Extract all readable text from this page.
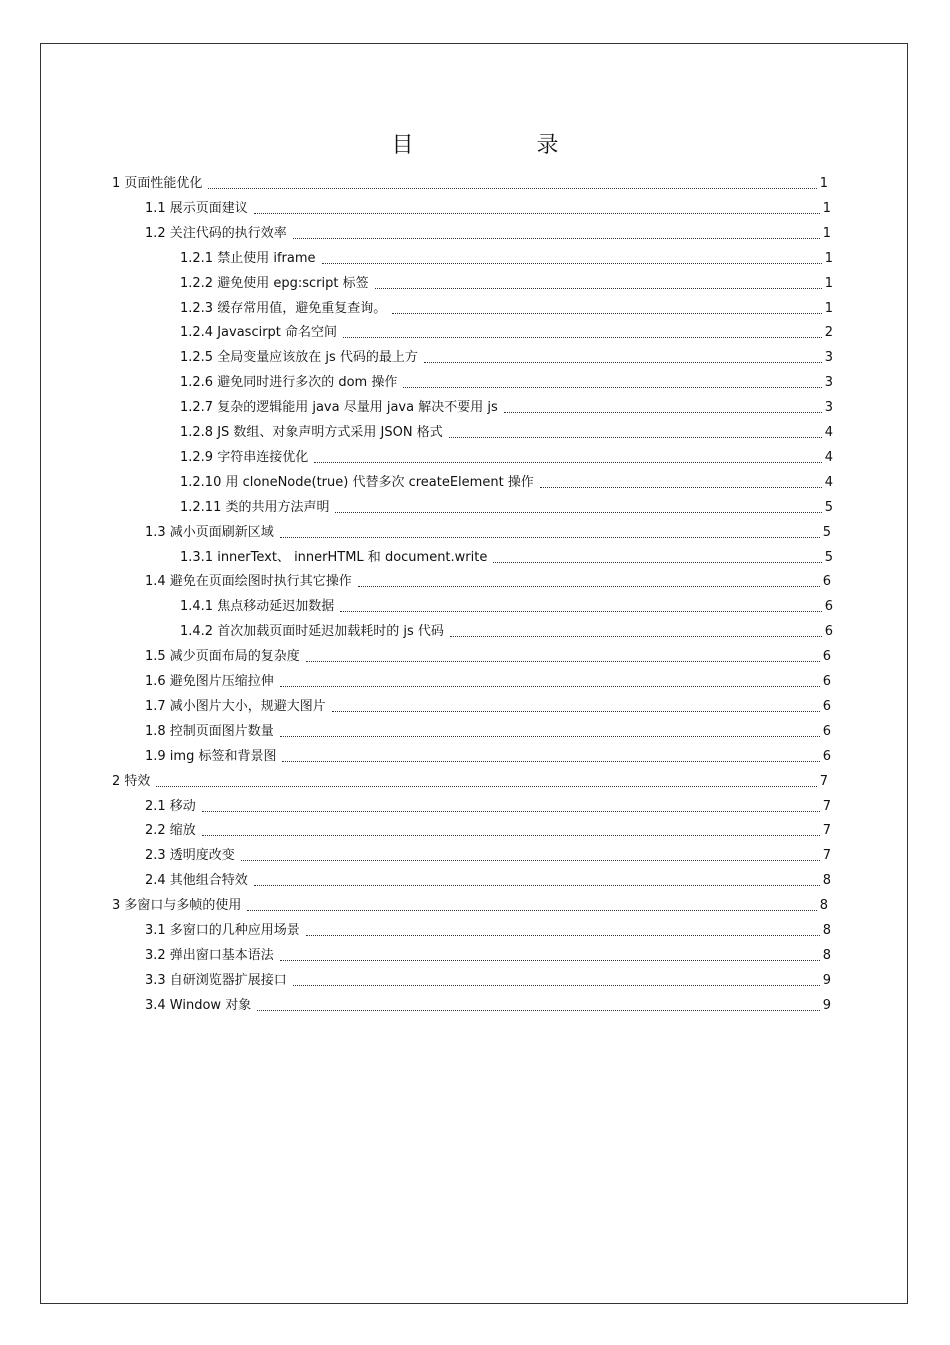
目 录
1 页面性能优化	1
1.1 展示页面建议	1
1.2 关注代码的执行效率	1
1.2.1 禁止使用 iframe	1
1.2.2 避免使用 epg:script 标签	1
1.2.3 缓存常用值，避免重复查询。	1
1.2.4 Javascirpt 命名空间	2
1.2.5 全局变量应该放在 js 代码的最上方	3
1.2.6 避免同时进行多次的 dom 操作	3
1.2.7 复杂的逻辑能用 java 尽量用 java 解决不要用 js	3
1.2.8 JS 数组、对象声明方式采用 JSON 格式	4
1.2.9 字符串连接优化	4
1.2.10 用 cloneNode(true) 代替多次 createElement 操作	4
1.2.11 类的共用方法声明	5
1.3 减小页面刷新区域	5
1.3.1 innerText、 innerHTML 和 document.write	5
1.4 避免在页面绘图时执行其它操作	6
1.4.1 焦点移动延迟加数据	6
1.4.2 首次加载页面时延迟加载耗时的 js 代码	6
1.5 减少页面布局的复杂度	6
1.6 避免图片压缩拉伸	6
1.7 减小图片大小，规避大图片	6
1.8 控制页面图片数量	6
1.9 img 标签和背景图	6
2 特效	7
2.1 移动	7
2.2 缩放	7
2.3 透明度改变	7
2.4 其他组合特效	8
3 多窗口与多帧的使用	8
3.1 多窗口的几种应用场景	8
3.2 弹出窗口基本语法	8
3.3 自研浏览器扩展接口	9
3.4 Window 对象	9
